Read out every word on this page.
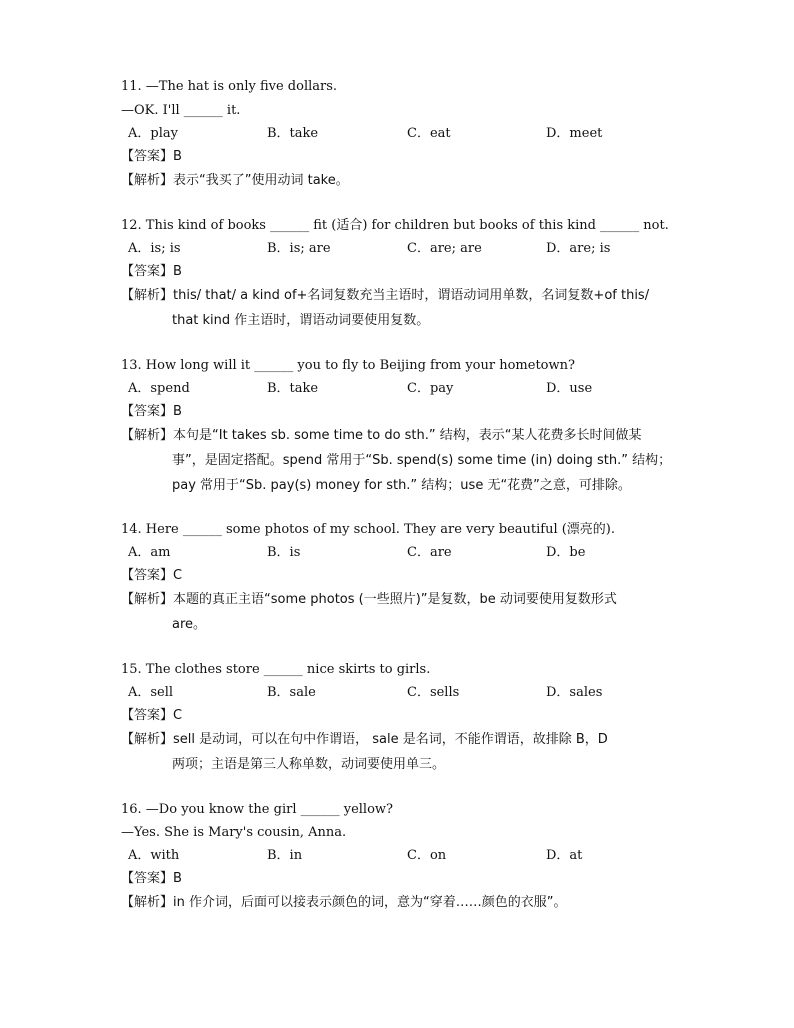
11. —The hat is only five dollars.
—OK. I'll ______ it.
A．play	B．take	C．eat	D．meet
【答案】B
【解析】表示“我买了”使用动词 take。
12. This kind of books ______ fit (适合) for children but books of this kind ______ not.
A．is; is	B．is; are	C．are; are	D．are; is
【答案】B
【解析】this/ that/ a kind of+名词复数充当主语时，谓语动词用单数，名词复数+of this/
that kind 作主语时，谓语动词要使用复数。
13. How long will it ______ you to fly to Beijing from your hometown?
A．spend	B．take	C．pay	D．use
【答案】B
【解析】本句是“It takes sb. some time to do sth.” 结构，表示“某人花费多长时间做某
事”，是固定搭配。spend 常用于“Sb. spend(s) some time (in) doing sth.” 结构；
pay 常用于“Sb. pay(s) money for sth.” 结构；use 无“花费”之意，可排除。
14. Here ______ some photos of my school. They are very beautiful (漂亮的).
A．am	B．is	C．are	D．be
【答案】C
【解析】本题的真正主语“some photos (一些照片)”是复数，be 动词要使用复数形式
are。
15. The clothes store ______ nice skirts to girls.
A．sell	B．sale	C．sells	D．sales
【答案】C
【解析】sell 是动词，可以在句中作谓语， sale 是名词，不能作谓语，故排除 B，D
两项；主语是第三人称单数，动词要使用单三。
16. —Do you know the girl ______ yellow?
—Yes. She is Mary's cousin, Anna.
A．with	B．in	C．on	D．at
【答案】B
【解析】in 作介词，后面可以接表示颜色的词，意为“穿着……颜色的衣服”。
